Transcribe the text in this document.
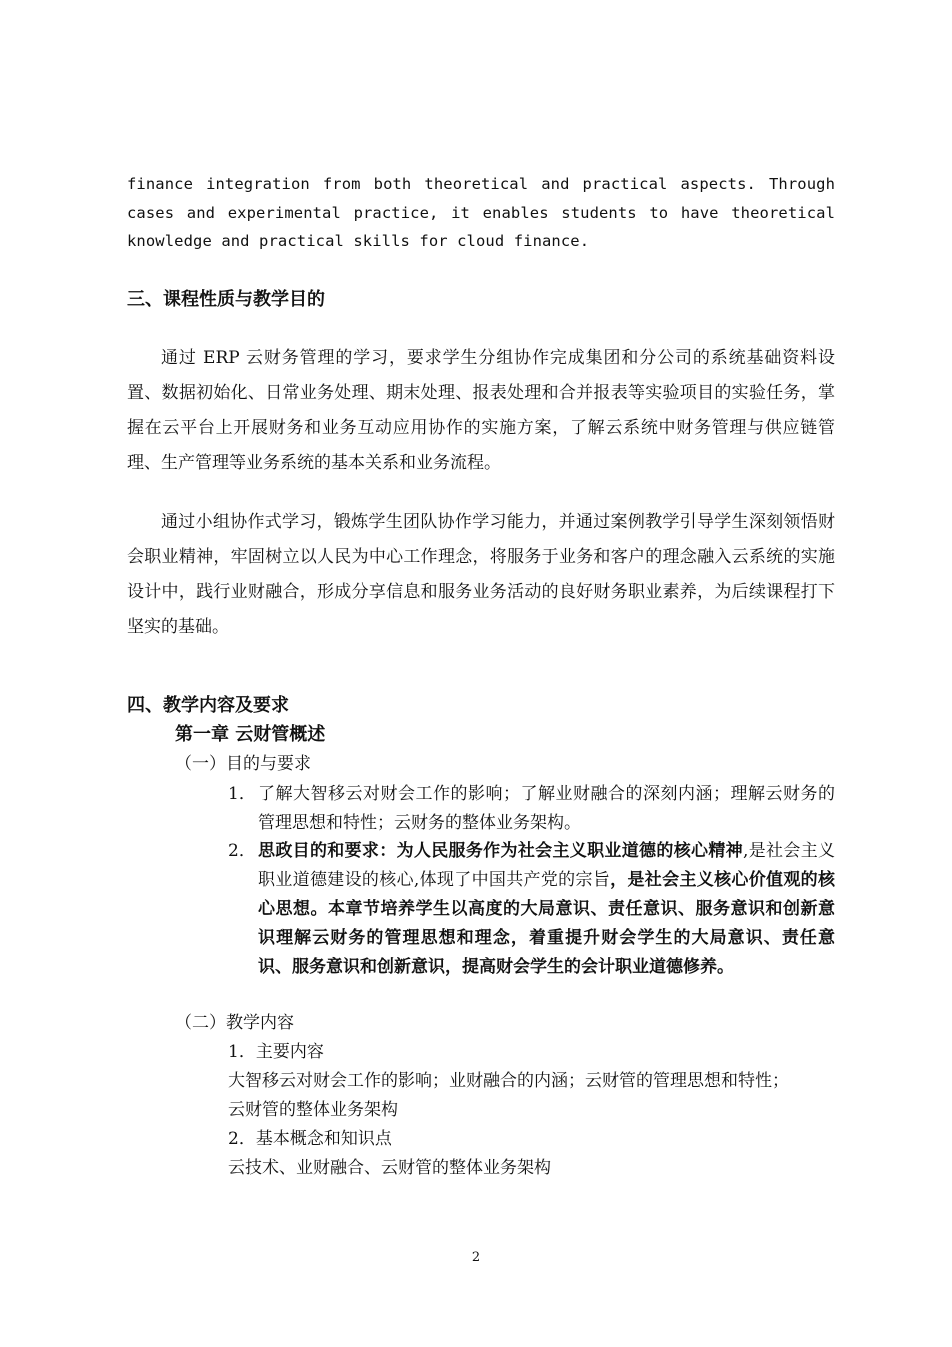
finance integration from both theoretical and practical aspects. Through cases and experimental practice, it enables students to have theoretical knowledge and practical skills for cloud finance.
三、课程性质与教学目的
通过 ERP 云财务管理的学习，要求学生分组协作完成集团和分公司的系统基础资料设置、数据初始化、日常业务处理、期末处理、报表处理和合并报表等实验项目的实验任务，掌握在云平台上开展财务和业务互动应用协作的实施方案，了解云系统中财务管理与供应链管理、生产管理等业务系统的基本关系和业务流程。
通过小组协作式学习，锻炼学生团队协作学习能力，并通过案例教学引导学生深刻领悟财会职业精神，牢固树立以人民为中心工作理念，将服务于业务和客户的理念融入云系统的实施设计中，践行业财融合，形成分享信息和服务业务活动的良好财务职业素养，为后续课程打下坚实的基础。
四、教学内容及要求
第一章 云财管概述
（一）目的与要求
1． 了解大智移云对财会工作的影响；了解业财融合的深刻内涵；理解云财务的管理思想和特性；云财务的整体业务架构。
2． 思政目的和要求：为人民服务作为社会主义职业道德的核心精神,是社会主义职业道德建设的核心,体现了中国共产党的宗旨，是社会主义核心价值观的核心思想。本章节培养学生以高度的大局意识、责任意识、服务意识和创新意识理解云财务的管理思想和理念，着重提升财会学生的大局意识、责任意识、服务意识和创新意识，提高财会学生的会计职业道德修养。
（二）教学内容
1．主要内容
大智移云对财会工作的影响；业财融合的内涵；云财管的管理思想和特性；
云财管的整体业务架构
2．基本概念和知识点
云技术、业财融合、云财管的整体业务架构
2
